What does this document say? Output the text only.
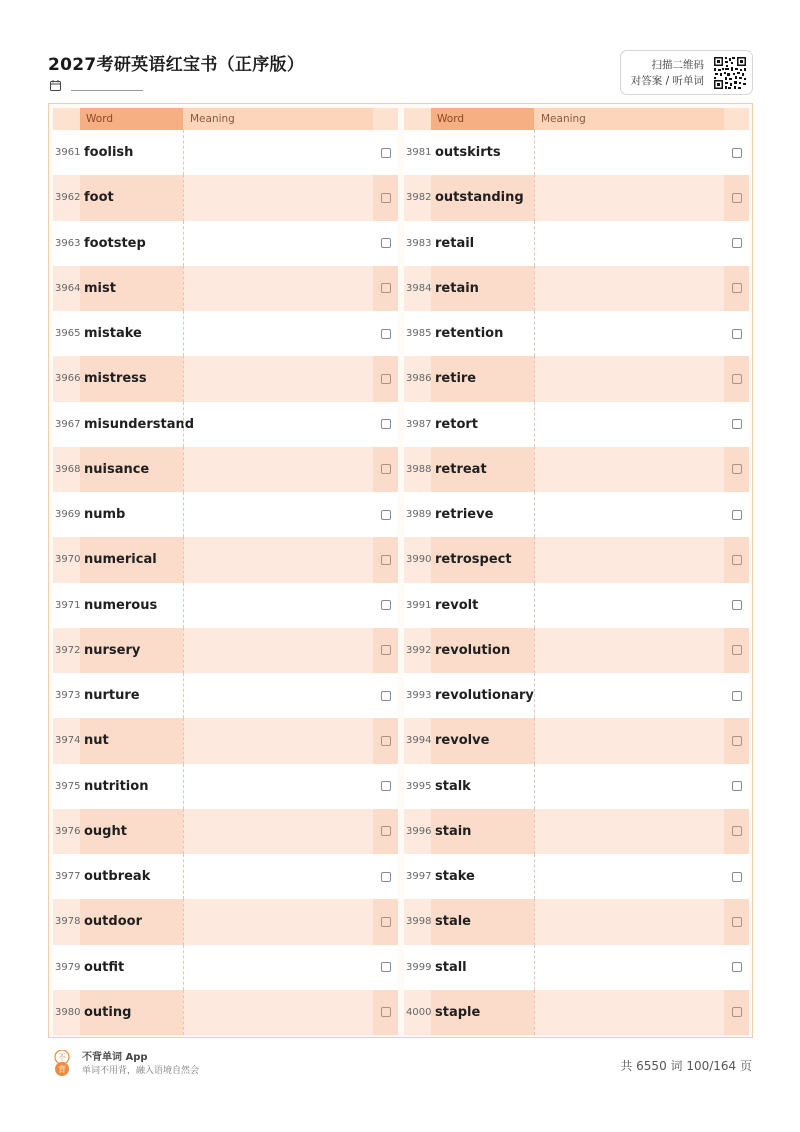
2027考研英语红宝书（正序版）	扫描二维码
对答案 / 听单词
Word	Meaning
3961 foolish
3962 foot
3963 footstep
3964 mist
3965 mistake
3966 mistress
3967 misunderstand
3968 nuisance
3969 numb
3970 numerical
3971 numerous
3972 nursery
3973 nurture
3974 nut
3975 nutrition
3976 ought
3977 outbreak
3978 outdoor
3979 outfit
3980 outing
Word	Meaning
3981 outskirts
3982 outstanding
3983 retail
3984 retain
3985 retention
3986 retire
3987 retort
3988 retreat
3989 retrieve
3990 retrospect
3991 revolt
3992 revolution
3993 revolutionary
3994 revolve
3995 stalk
3996 stain
3997 stake
3998 stale
3999 stall
4000 staple
不
背
不背单词 App
单词不用背，融入语境自然会	共 6550 词 100/164 页
